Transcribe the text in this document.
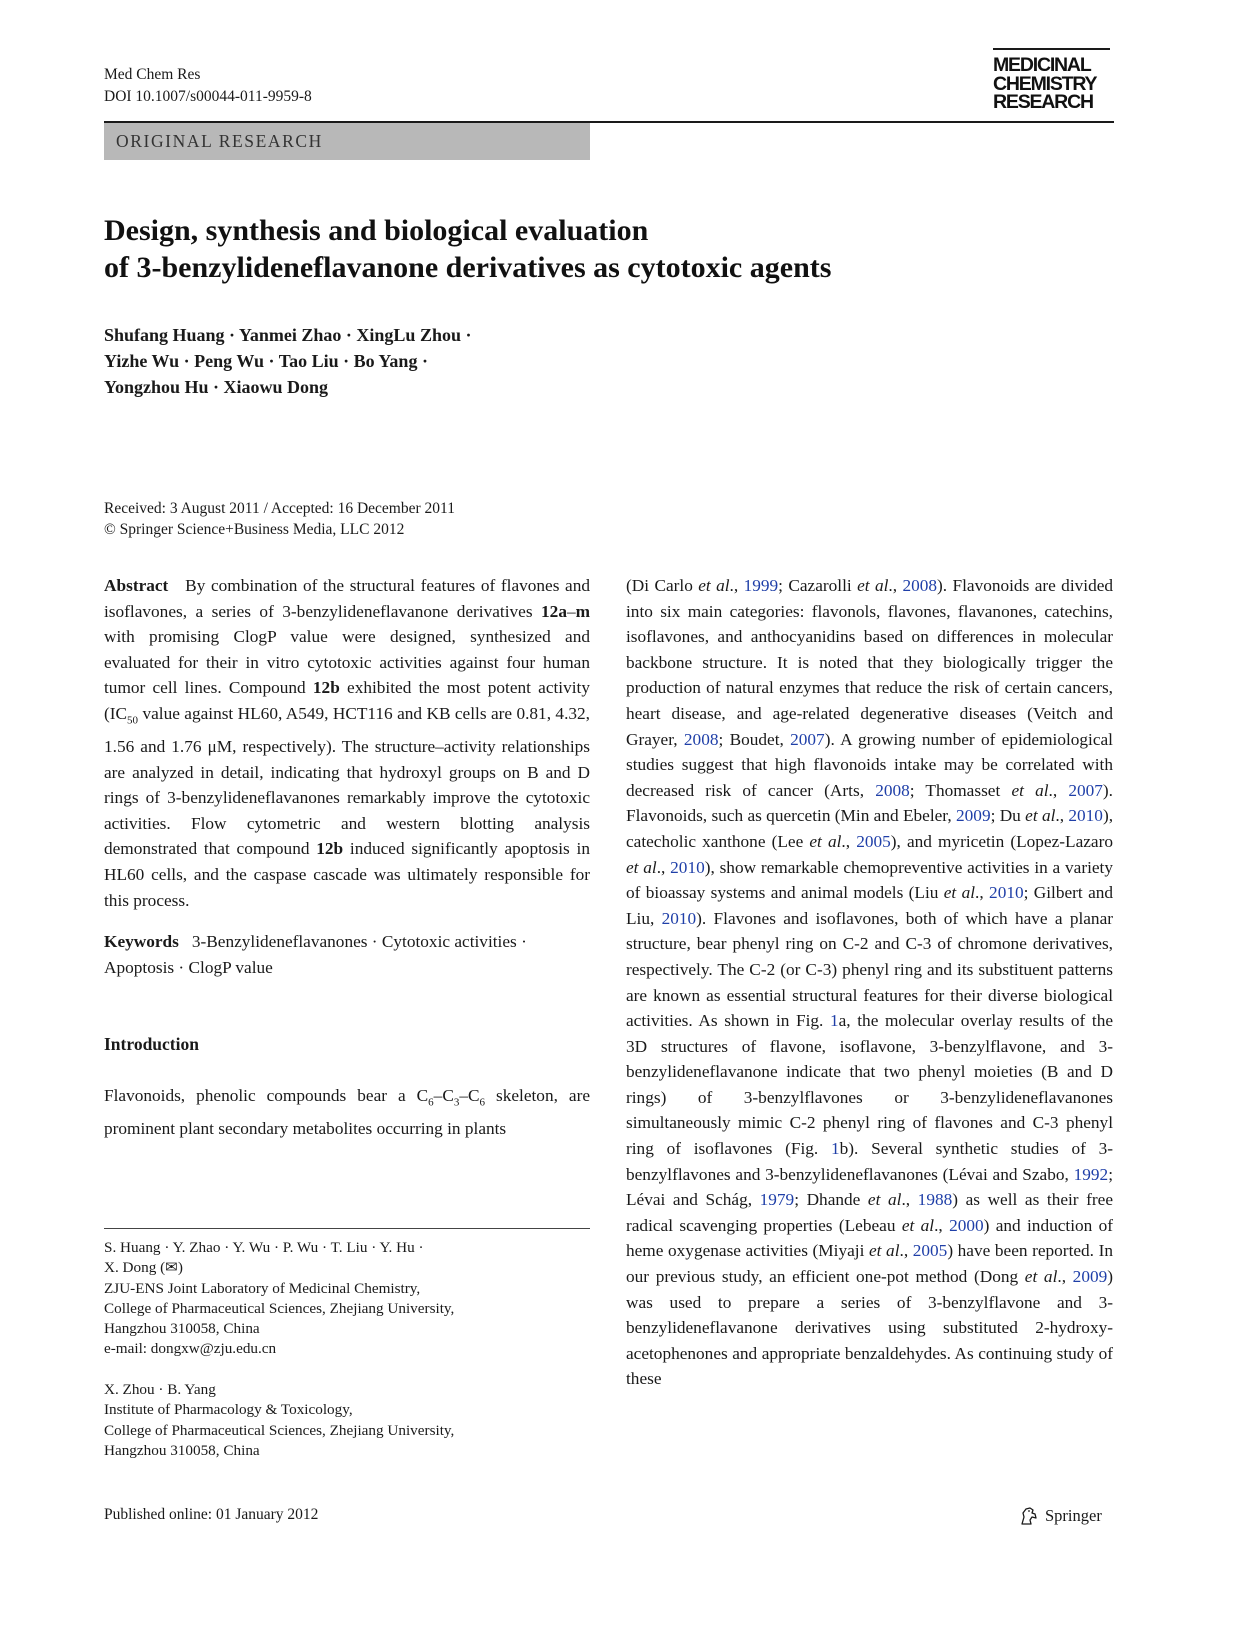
Med Chem Res
DOI 10.1007/s00044-011-9959-8
MEDICINAL
CHEMISTRY
RESEARCH
ORIGINAL RESEARCH
Design, synthesis and biological evaluation
of 3-benzylideneflavanone derivatives as cytotoxic agents
Shufang Huang · Yanmei Zhao · XingLu Zhou ·
Yizhe Wu · Peng Wu · Tao Liu · Bo Yang ·
Yongzhou Hu · Xiaowu Dong
Received: 3 August 2011 / Accepted: 16 December 2011
© Springer Science+Business Media, LLC 2012

Abstract By combination of the structural features of flavones and isoflavones, a series of 3-benzylideneflavanone derivatives 12a–m with promising ClogP value were designed, synthesized and evaluated for their in vitro cytotoxic activities against four human tumor cell lines. Compound 12b exhibited the most potent activity ($IC_{50}$ value against HL60, A549, HCT116 and KB cells are 0.81, 4.32, 1.56 and 1.76 μM, respectively). The structure–activity relationships are analyzed in detail, indicating that hydroxyl groups on B and D rings of 3-benzylideneflavanones remarkably improve the cytotoxic activities. Flow cytometric and western blotting analysis demonstrated that compound 12b induced significantly apoptosis in HL60 cells, and the caspase cascade was ultimately responsible for this process.

Keywords 3-Benzylideneflavanones · Cytotoxic activities · Apoptosis · ClogP value

Introduction

Flavonoids, phenolic compounds bear a $C_6-C_3-C_6$ skeleton, are prominent plant secondary metabolites occurring in plants

S. Huang · Y. Zhao · Y. Wu · P. Wu · T. Liu · Y. Hu ·
X. Dong (✉)
ZJU-ENS Joint Laboratory of Medicinal Chemistry,
College of Pharmaceutical Sciences, Zhejiang University,
Hangzhou 310058, China
e-mail: dongxw@zju.edu.cn
X. Zhou · B. Yang
Institute of Pharmacology & Toxicology,
College of Pharmaceutical Sciences, Zhejiang University,
Hangzhou 310058, China

(Di Carlo et al., 1999; Cazarolli et al., 2008). Flavonoids are divided into six main categories: flavonols, flavones, flavanones, catechins, isoflavones, and anthocyanidins based on differences in molecular backbone structure. It is noted that they biologically trigger the production of natural enzymes that reduce the risk of certain cancers, heart disease, and age-related degenerative diseases (Veitch and Grayer, 2008; Boudet, 2007). A growing number of epidemiological studies suggest that high flavonoids intake may be correlated with decreased risk of cancer (Arts, 2008; Thomasset et al., 2007). Flavonoids, such as quercetin (Min and Ebeler, 2009; Du et al., 2010), catecholic xanthone (Lee et al., 2005), and myricetin (Lopez-Lazaro et al., 2010), show remarkable chemopreventive activities in a variety of bioassay systems and animal models (Liu et al., 2010; Gilbert and Liu, 2010). Flavones and isoflavones, both of which have a planar structure, bear phenyl ring on C-2 and C-3 of chromone derivatives, respectively. The C-2 (or C-3) phenyl ring and its substituent patterns are known as essential structural features for their diverse biological activities. As shown in Fig. 1a, the molecular overlay results of the 3D structures of flavone, isoflavone, 3-benzylflavone, and 3-benzylideneflavanone indicate that two phenyl moieties (B and D rings) of 3-benzylflavones or 3-benzylideneflavanones simultaneously mimic C-2 phenyl ring of flavones and C-3 phenyl ring of isoflavones (Fig. 1b). Several synthetic studies of 3-benzylflavones and 3-benzylideneflavanones (Lévai and Szabo, 1992; Lévai and Schág, 1979; Dhande et al., 1988) as well as their free radical scavenging properties (Lebeau et al., 2000) and induction of heme oxygenase activities (Miyaji et al., 2005) have been reported. In our previous study, an efficient one-pot method (Dong et al., 2009) was used to prepare a series of 3-benzylflavone and 3-benzylideneflavanone derivatives using substituted 2-hydroxy-acetophenones and appropriate benzaldehydes. As continuing study of these

Published online: 01 January 2012	Springer
